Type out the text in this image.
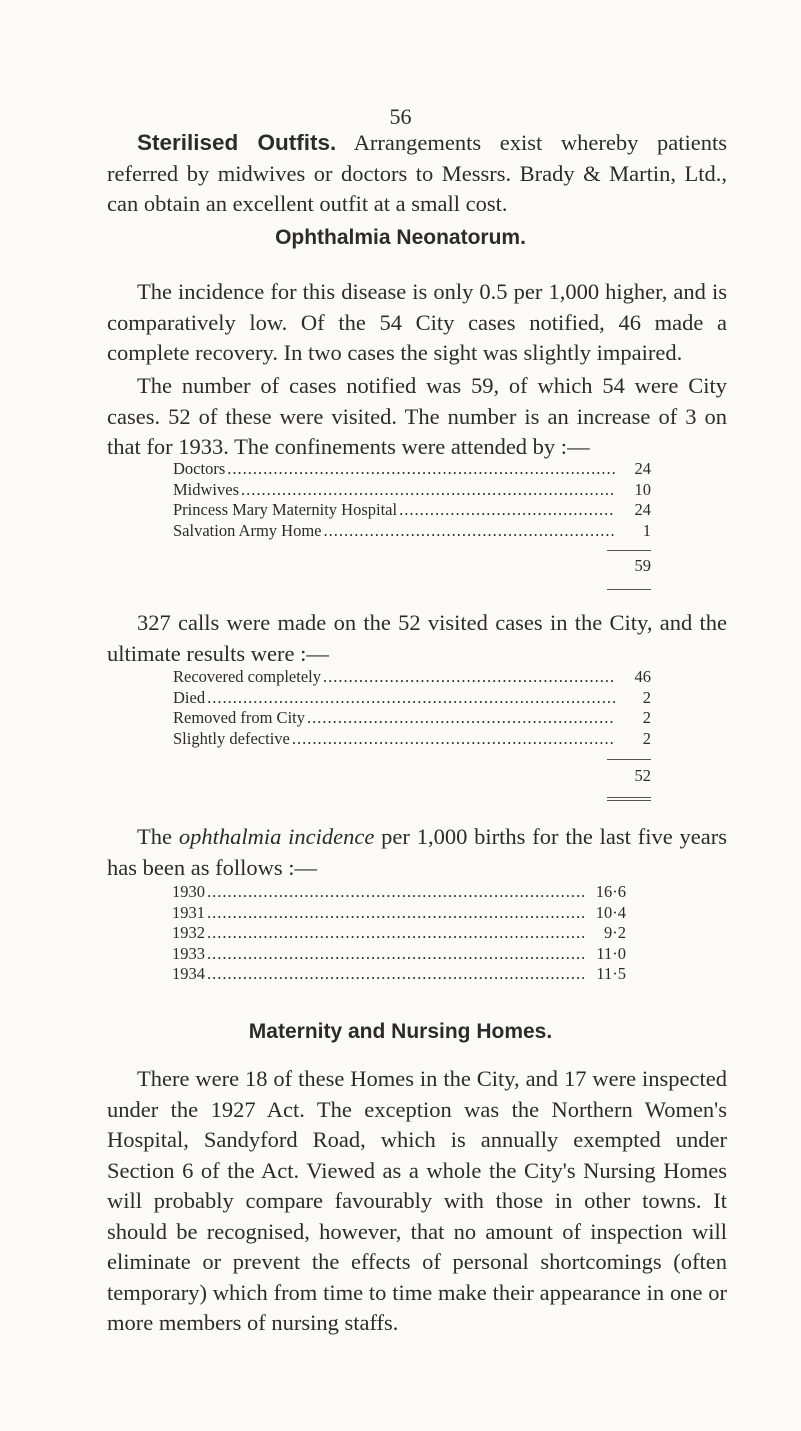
56

Sterilised Outfits. Arrangements exist whereby patients referred by midwives or doctors to Messrs. Brady & Martin, Ltd., can obtain an excellent outfit at a small cost.

Ophthalmia Neonatorum.

The incidence for this disease is only 0.5 per 1,000 higher, and is comparatively low. Of the 54 City cases notified, 46 made a complete recovery. In two cases the sight was slightly impaired.

The number of cases notified was 59, of which 54 were City cases. 52 of these were visited. The number is an increase of 3 on that for 1933. The confinements were attended by :—

Doctors .....	24
Midwives .....	10
Princess Mary Maternity Hospital .....	24
Salvation Army Home .....	1
59

327 calls were made on the 52 visited cases in the City, and the ultimate results were :—

Recovered completely .....	46
Died .....	2
Removed from City .....	2
Slightly defective .....	2
52

The ophthalmia incidence per 1,000 births for the last five years has been as follows :—

1930 .....	16·6
1931 .....	10·4
1932 .....	9·2
1933 .....	11·0
1934 .....	11·5
Maternity and Nursing Homes.

There were 18 of these Homes in the City, and 17 were inspected under the 1927 Act. The exception was the Northern Women's Hospital, Sandyford Road, which is annually exempted under Section 6 of the Act. Viewed as a whole the City's Nursing Homes will probably compare favourably with those in other towns. It should be recognised, however, that no amount of inspection will eliminate or prevent the effects of personal shortcomings (often temporary) which from time to time make their appearance in one or more members of nursing staffs.
